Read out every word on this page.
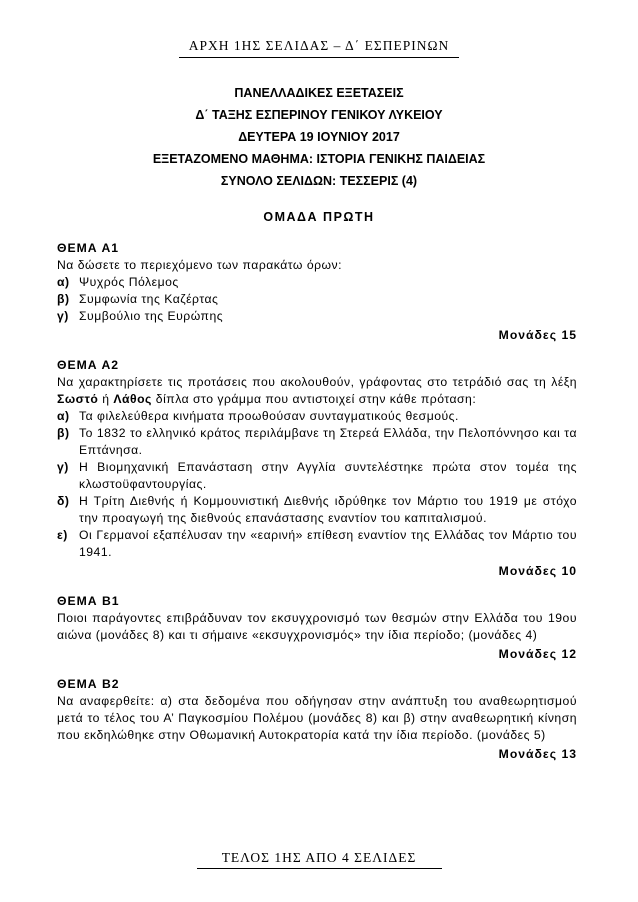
ΑΡΧΗ 1ΗΣ ΣΕΛΙΔΑΣ – Δ΄ ΕΣΠΕΡΙΝΩΝ
ΠΑΝΕΛΛΑΔΙΚΕΣ ΕΞΕΤΑΣΕΙΣ
Δ΄ ΤΑΞΗΣ ΕΣΠΕΡΙΝΟΥ ΓΕΝΙΚΟΥ ΛΥΚΕΙΟΥ
ΔΕΥΤΕΡΑ 19 ΙΟΥΝΙΟΥ 2017
ΕΞΕΤΑΖΟΜΕΝΟ ΜΑΘΗΜΑ: ΙΣΤΟΡΙΑ ΓΕΝΙΚΗΣ ΠΑΙΔΕΙΑΣ
ΣΥΝΟΛΟ ΣΕΛΙΔΩΝ: ΤΕΣΣΕΡΙΣ (4)
ΟΜΑΔΑ ΠΡΩΤΗ
ΘΕΜΑ Α1
Να δώσετε το περιεχόμενο των παρακάτω όρων:
α) Ψυχρός Πόλεμος
β) Συμφωνία της Καζέρτας
γ) Συμβούλιο της Ευρώπης
Μονάδες 15
ΘΕΜΑ Α2
Να χαρακτηρίσετε τις προτάσεις που ακολουθούν, γράφοντας στο τετράδιό σας τη λέξη Σωστό ή Λάθος δίπλα στο γράμμα που αντιστοιχεί στην κάθε πρόταση:
α) Τα φιλελεύθερα κινήματα προωθούσαν συνταγματικούς θεσμούς.
β) Το 1832 το ελληνικό κράτος περιλάμβανε τη Στερεά Ελλάδα, την Πελοπόννησο και τα Επτάνησα.
γ) Η Βιομηχανική Επανάσταση στην Αγγλία συντελέστηκε πρώτα στον τομέα της κλωστοϋφαντουργίας.
δ) Η Τρίτη Διεθνής ή Κομμουνιστική Διεθνής ιδρύθηκε τον Μάρτιο του 1919 με στόχο την προαγωγή της διεθνούς επανάστασης εναντίον του καπιταλισμού.
ε) Οι Γερμανοί εξαπέλυσαν την «εαρινή» επίθεση εναντίον της Ελλάδας τον Μάρτιο του 1941.
Μονάδες 10
ΘΕΜΑ Β1
Ποιοι παράγοντες επιβράδυναν τον εκσυγχρονισμό των θεσμών στην Ελλάδα του 19ου αιώνα (μονάδες 8) και τι σήμαινε «εκσυγχρονισμός» την ίδια περίοδο; (μονάδες 4)
Μονάδες 12
ΘΕΜΑ Β2
Να αναφερθείτε: α) στα δεδομένα που οδήγησαν στην ανάπτυξη του αναθεωρητισμού μετά το τέλος του Α’ Παγκοσμίου Πολέμου (μονάδες 8) και β) στην αναθεωρητική κίνηση που εκδηλώθηκε στην Οθωμανική Αυτοκρατορία κατά την ίδια περίοδο. (μονάδες 5)
Μονάδες 13
ΤΕΛΟΣ 1ΗΣ ΑΠΟ 4 ΣΕΛΙΔΕΣ
